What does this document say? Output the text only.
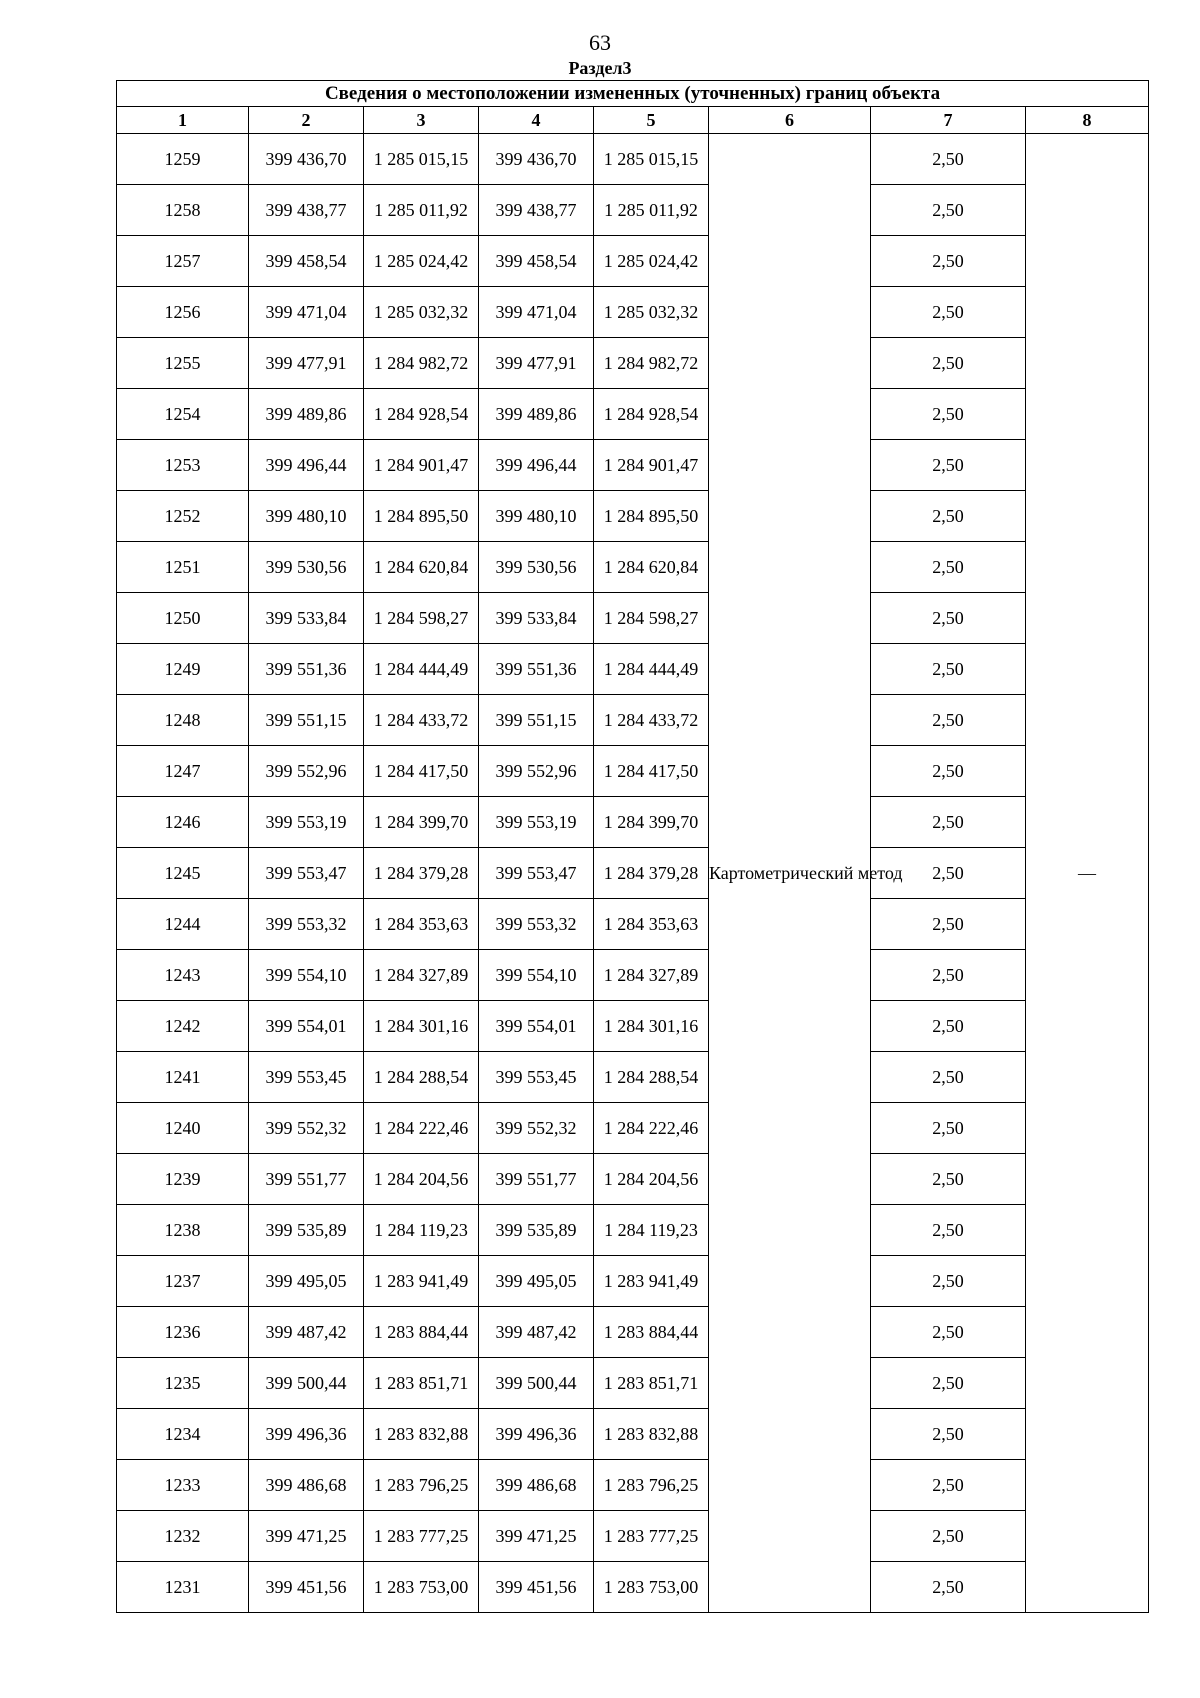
63
Раздел3
Сведения о местоположении измененных (уточненных) границ объекта							
1	2	3	4	5	6	7	8
1259	399 436,70	1 285 015,15	399 436,70	1 285 015,15	Картометрический метод	2,50	—
1258	399 438,77	1 285 011,92	399 438,77	1 285 011,92		2,50	
1257	399 458,54	1 285 024,42	399 458,54	1 285 024,42		2,50	
1256	399 471,04	1 285 032,32	399 471,04	1 285 032,32		2,50	
1255	399 477,91	1 284 982,72	399 477,91	1 284 982,72		2,50	
1254	399 489,86	1 284 928,54	399 489,86	1 284 928,54		2,50	
1253	399 496,44	1 284 901,47	399 496,44	1 284 901,47		2,50	
1252	399 480,10	1 284 895,50	399 480,10	1 284 895,50		2,50	
1251	399 530,56	1 284 620,84	399 530,56	1 284 620,84		2,50	
1250	399 533,84	1 284 598,27	399 533,84	1 284 598,27		2,50	
1249	399 551,36	1 284 444,49	399 551,36	1 284 444,49		2,50	
1248	399 551,15	1 284 433,72	399 551,15	1 284 433,72		2,50	
1247	399 552,96	1 284 417,50	399 552,96	1 284 417,50		2,50	
1246	399 553,19	1 284 399,70	399 553,19	1 284 399,70		2,50	
1245	399 553,47	1 284 379,28	399 553,47	1 284 379,28		2,50	
1244	399 553,32	1 284 353,63	399 553,32	1 284 353,63		2,50	
1243	399 554,10	1 284 327,89	399 554,10	1 284 327,89		2,50	
1242	399 554,01	1 284 301,16	399 554,01	1 284 301,16		2,50	
1241	399 553,45	1 284 288,54	399 553,45	1 284 288,54		2,50	
1240	399 552,32	1 284 222,46	399 552,32	1 284 222,46		2,50	
1239	399 551,77	1 284 204,56	399 551,77	1 284 204,56		2,50	
1238	399 535,89	1 284 119,23	399 535,89	1 284 119,23		2,50	
1237	399 495,05	1 283 941,49	399 495,05	1 283 941,49		2,50	
1236	399 487,42	1 283 884,44	399 487,42	1 283 884,44		2,50	
1235	399 500,44	1 283 851,71	399 500,44	1 283 851,71		2,50	
1234	399 496,36	1 283 832,88	399 496,36	1 283 832,88		2,50	
1233	399 486,68	1 283 796,25	399 486,68	1 283 796,25		2,50	
1232	399 471,25	1 283 777,25	399 471,25	1 283 777,25		2,50	
1231	399 451,56	1 283 753,00	399 451,56	1 283 753,00		2,50	
